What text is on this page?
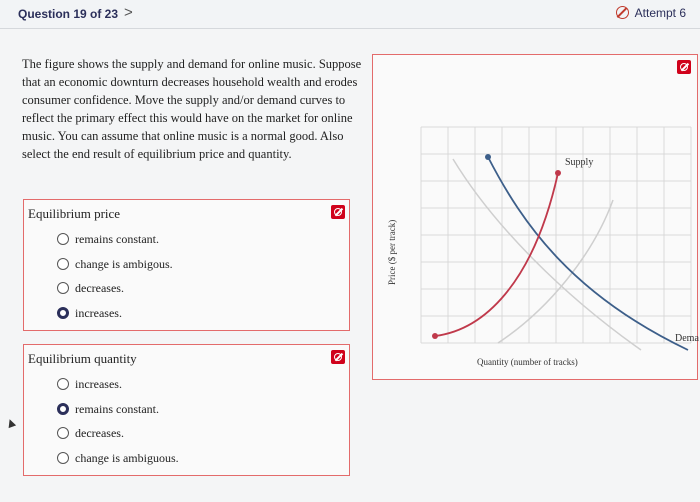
Question 19 of 23 >	Attempt 6
The figure shows the supply and demand for online music. Suppose that an economic downturn decreases household wealth and erodes consumer confidence. Move the supply and/or demand curves to reflect the primary effect this would have on the market for online music. You can assume that online music is a normal good. Also select the end result of equilibrium price and quantity.
Equilibrium price
remains constant.
change is ambigous.
decreases.
increases.
Equilibrium quantity
increases.
remains constant.
decreases.
change is ambiguous.
Supply
Dema
Price ($ per track)
Quantity (number of tracks)
